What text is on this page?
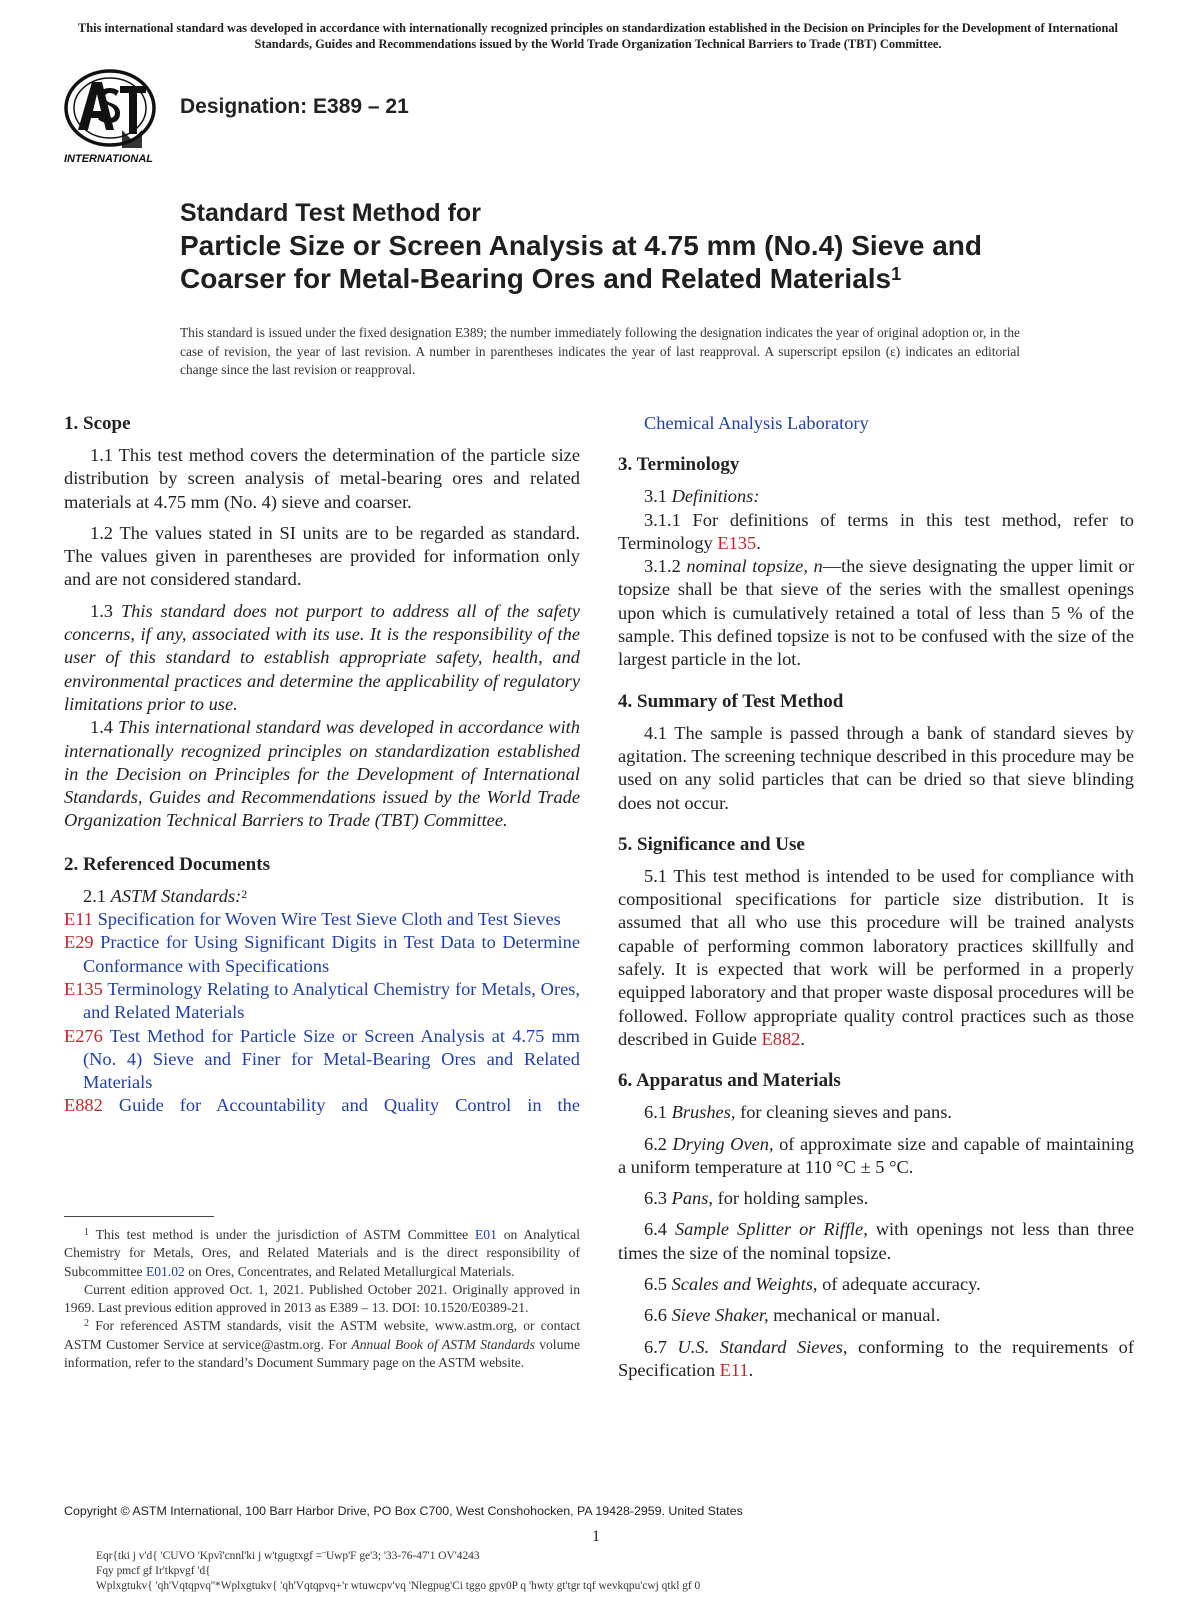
This international standard was developed in accordance with internationally recognized principles on standardization established in the Decision on Principles for the Development of International Standards, Guides and Recommendations issued by the World Trade Organization Technical Barriers to Trade (TBT) Committee.
INTERNATIONAL
Designation: E389 – 21
Standard Test Method for
Particle Size or Screen Analysis at 4.75 mm (No.4) Sieve and
Coarser for Metal-Bearing Ores and Related Materials$^1$
This standard is issued under the fixed designation E389; the number immediately following the designation indicates the year of original adoption or, in the case of revision, the year of last revision. A number in parentheses indicates the year of last reapproval. A superscript epsilon (ε) indicates an editorial change since the last revision or reapproval.
1. Scope

1.1 This test method covers the determination of the particle size distribution by screen analysis of metal-bearing ores and related materials at 4.75 mm (No. 4) sieve and coarser.

1.2 The values stated in SI units are to be regarded as standard. The values given in parentheses are provided for information only and are not considered standard.

1.3 This standard does not purport to address all of the safety concerns, if any, associated with its use. It is the responsibility of the user of this standard to establish appropriate safety, health, and environmental practices and determine the applicability of regulatory limitations prior to use.

1.4 This international standard was developed in accordance with internationally recognized principles on standardization established in the Decision on Principles for the Development of International Standards, Guides and Recommendations issued by the World Trade Organization Technical Barriers to Trade (TBT) Committee.

2. Referenced Documents

2.1 ASTM Standards:$^2$

E11 Specification for Woven Wire Test Sieve Cloth and Test Sieves

E29 Practice for Using Significant Digits in Test Data to Determine Conformance with Specifications

E135 Terminology Relating to Analytical Chemistry for Metals, Ores, and Related Materials

E276 Test Method for Particle Size or Screen Analysis at 4.75 mm (No. 4) Sieve and Finer for Metal-Bearing Ores and Related Materials

E882 Guide for Accountability and Quality Control in the

$^1$ This test method is under the jurisdiction of ASTM Committee E01 on Analytical Chemistry for Metals, Ores, and Related Materials and is the direct responsibility of Subcommittee E01.02 on Ores, Concentrates, and Related Metallurgical Materials.

Current edition approved Oct. 1, 2021. Published October 2021. Originally approved in 1969. Last previous edition approved in 2013 as E389 – 13. DOI: 10.1520/E0389-21.

$^2$ For referenced ASTM standards, visit the ASTM website, www.astm.org, or contact ASTM Customer Service at service@astm.org. For Annual Book of ASTM Standards volume information, refer to the standard’s Document Summary page on the ASTM website.

Chemical Analysis Laboratory

3. Terminology

3.1 Definitions:

3.1.1 For definitions of terms in this test method, refer to Terminology E135.

3.1.2 nominal topsize, n—the sieve designating the upper limit or topsize shall be that sieve of the series with the smallest openings upon which is cumulatively retained a total of less than 5 % of the sample. This defined topsize is not to be confused with the size of the largest particle in the lot.

4. Summary of Test Method

4.1 The sample is passed through a bank of standard sieves by agitation. The screening technique described in this procedure may be used on any solid particles that can be dried so that sieve blinding does not occur.

5. Significance and Use

5.1 This test method is intended to be used for compliance with compositional specifications for particle size distribution. It is assumed that all who use this procedure will be trained analysts capable of performing common laboratory practices skillfully and safely. It is expected that work will be performed in a properly equipped laboratory and that proper waste disposal procedures will be followed. Follow appropriate quality control practices such as those described in Guide E882.

6. Apparatus and Materials

6.1 Brushes, for cleaning sieves and pans.

6.2 Drying Oven, of approximate size and capable of maintaining a uniform temperature at 110 °C ± 5 °C.

6.3 Pans, for holding samples.

6.4 Sample Splitter or Riffle, with openings not less than three times the size of the nominal topsize.

6.5 Scales and Weights, of adequate accuracy.

6.6 Sieve Shaker, mechanical or manual.

6.7 U.S. Standard Sieves, conforming to the requirements of Specification E11.

Copyright © ASTM International, 100 Barr Harbor Drive, PO Box C700, West Conshohocken, PA 19428-2959. United States
1
Eqr{tki j v'd{ 'CUVO 'Kpvĩ'cnnl'ki j w'tgugtxgf =¨Uwp'F ge'3; '33-76-47'1 OV'4243
Fqy pmcf gf Ir'tkpvgf 'd{
Wplxgtukv{ 'qh'Vqtqpvq''*Wplxgtukv{ 'qh'Vqtqpvq+'r wtuwcpv'vq 'Nlegpug'Ci tggo gpv0P q 'hwty gt'tgr tqf wevkqpu'cwj qtkl gf 0
